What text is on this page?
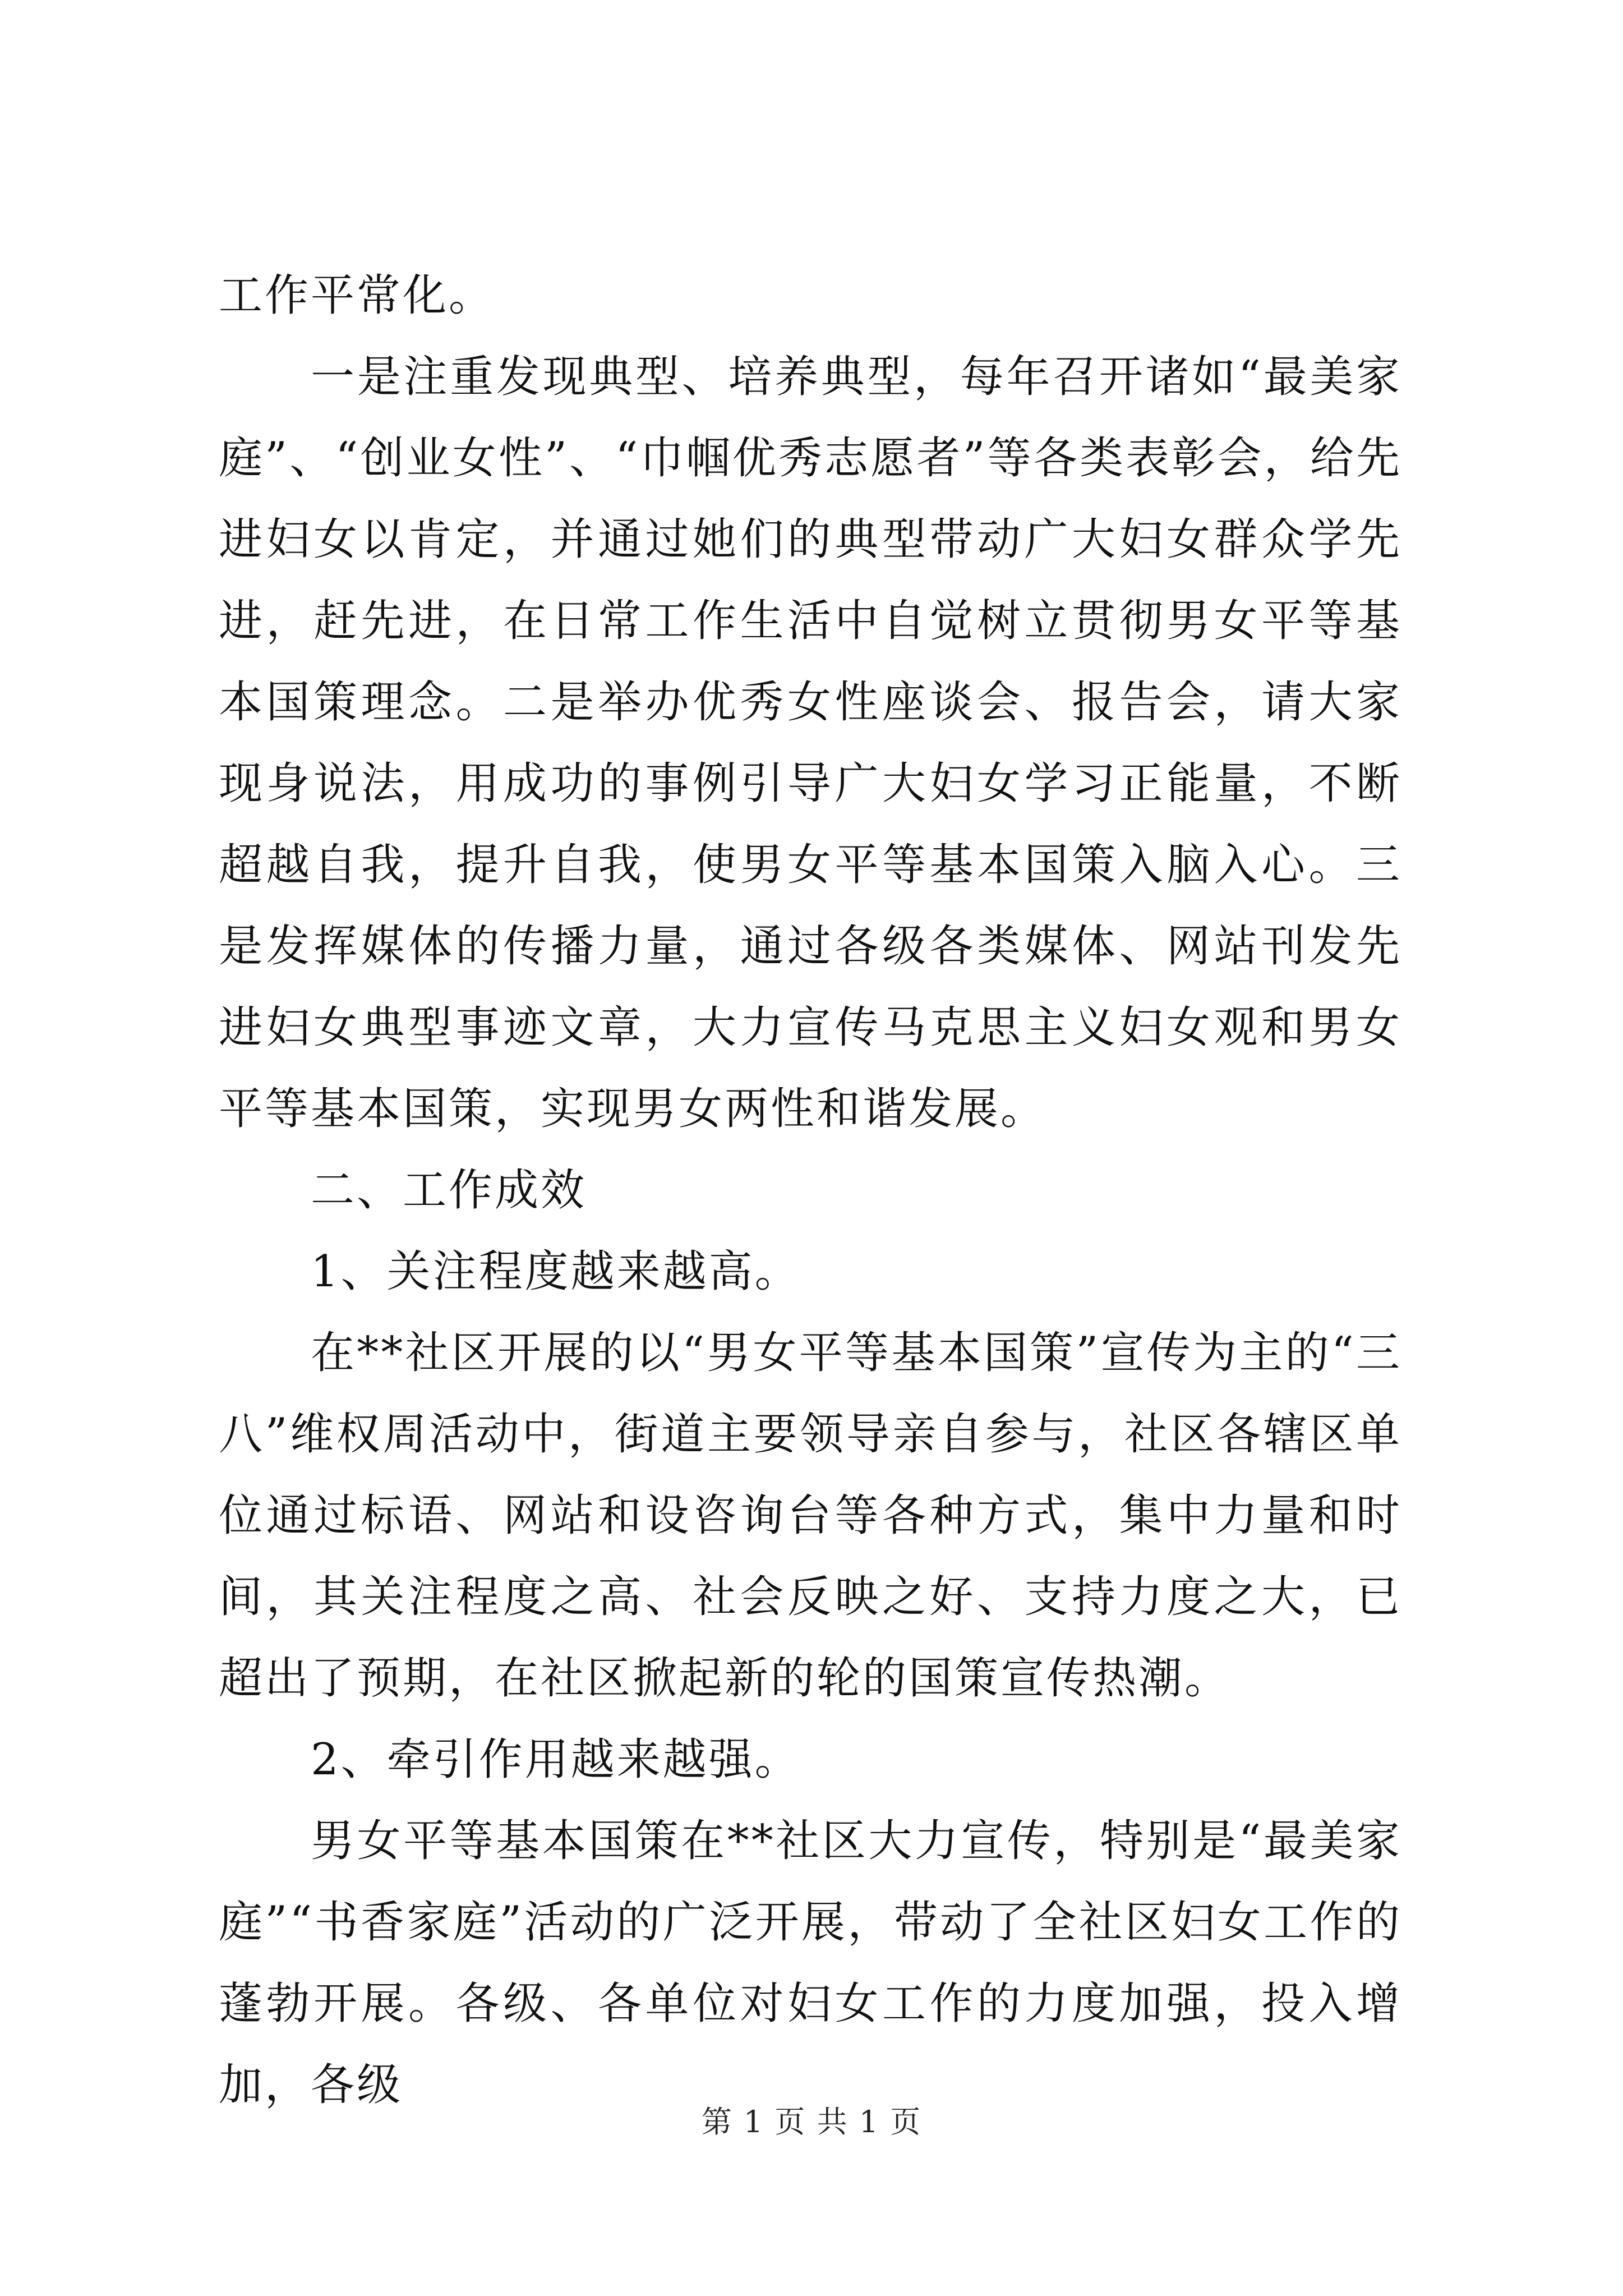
工作平常化。

一是注重发现典型、培养典型，每年召开诸如“最美家庭”、“创业女性”、“巾帼优秀志愿者”等各类表彰会，给先进妇女以肯定，并通过她们的典型带动广大妇女群众学先进，赶先进，在日常工作生活中自觉树立贯彻男女平等基本国策理念。二是举办优秀女性座谈会、报告会，请大家现身说法，用成功的事例引导广大妇女学习正能量，不断超越自我，提升自我，使男女平等基本国策入脑入心。三是发挥媒体的传播力量，通过各级各类媒体、网站刊发先进妇女典型事迹文章，大力宣传马克思主义妇女观和男女平等基本国策，实现男女两性和谐发展。

二、工作成效

1、关注程度越来越高。

在**社区开展的以“男女平等基本国策”宣传为主的“三八”维权周活动中，街道主要领导亲自参与，社区各辖区单位通过标语、网站和设咨询台等各种方式，集中力量和时间，其关注程度之高、社会反映之好、支持力度之大，已超出了预期，在社区掀起新的轮的国策宣传热潮。

2、牵引作用越来越强。

男女平等基本国策在**社区大力宣传，特别是“最美家庭”“书香家庭”活动的广泛开展，带动了全社区妇女工作的蓬勃开展。各级、各单位对妇女工作的力度加强，投入增加，各级

第 1 页 共 1 页
